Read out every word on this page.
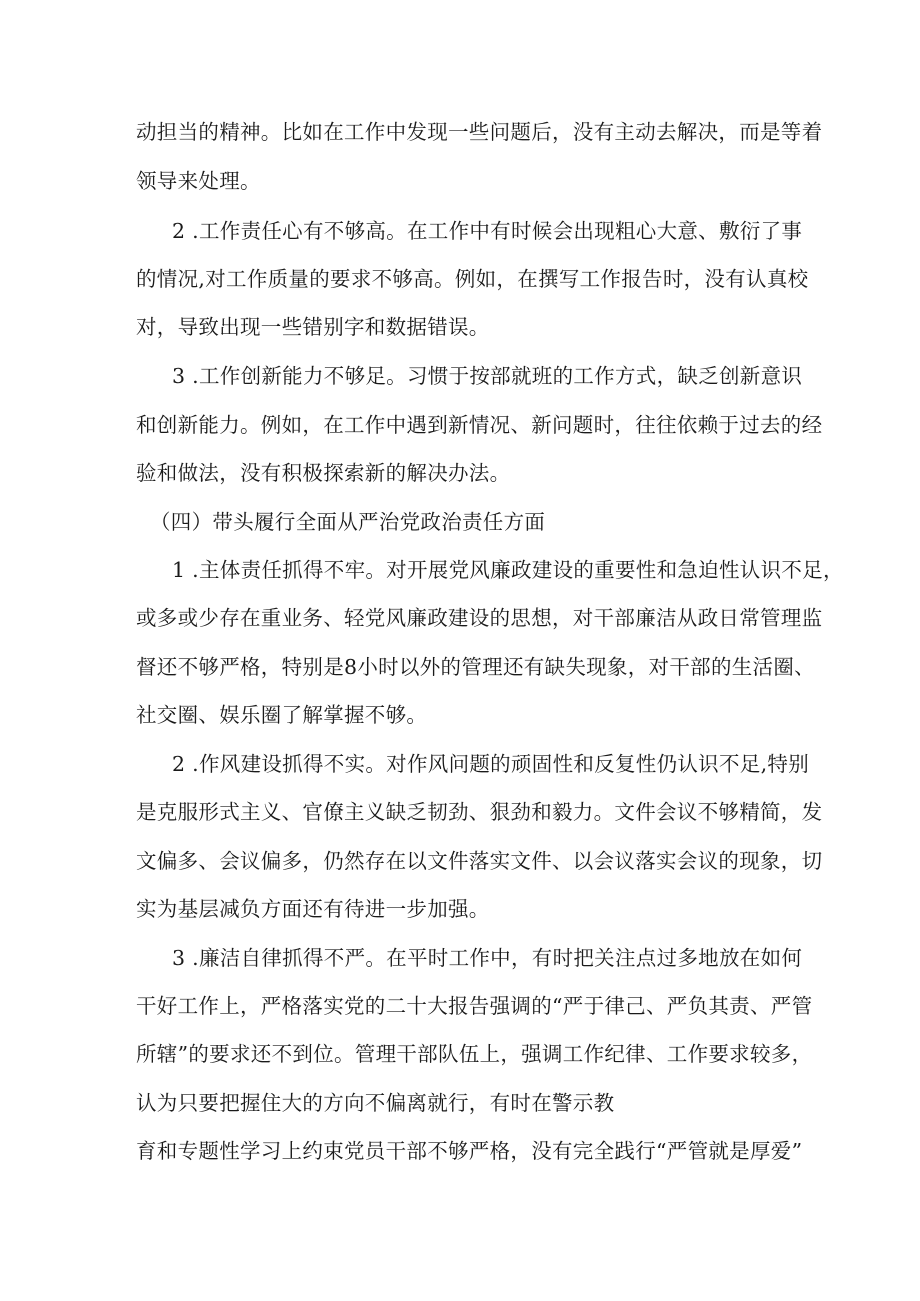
动担当的精神。比如在工作中发现一些问题后，没有主动去解决，而是等着
领导来处理。
2 .工作责任心有不够高。在工作中有时候会出现粗心大意、敷衍了事
的情况,对工作质量的要求不够高。例如，在撰写工作报告时，没有认真校
对，导致出现一些错别字和数据错误。
3 .工作创新能力不够足。习惯于按部就班的工作方式，缺乏创新意识
和创新能力。例如，在工作中遇到新情况、新问题时，往往依赖于过去的经
验和做法，没有积极探索新的解决办法。
（四）带头履行全面从严治党政治责任方面
1 .主体责任抓得不牢。对开展党风廉政建设的重要性和急迫性认识不足，
或多或少存在重业务、轻党风廉政建设的思想，对干部廉洁从政日常管理监
督还不够严格，特别是8小时以外的管理还有缺失现象，对干部的生活圈、
社交圈、娱乐圈了解掌握不够。
2 .作风建设抓得不实。对作风问题的顽固性和反复性仍认识不足,特别
是克服形式主义、官僚主义缺乏韧劲、狠劲和毅力。文件会议不够精简，发
文偏多、会议偏多，仍然存在以文件落实文件、以会议落实会议的现象，切
实为基层减负方面还有待进一步加强。
3 .廉洁自律抓得不严。在平时工作中，有时把关注点过多地放在如何
干好工作上，严格落实党的二十大报告强调的“严于律己、严负其责、严管
所辖”的要求还不到位。管理干部队伍上，强调工作纪律、工作要求较多，
认为只要把握住大的方向不偏离就行，有时在警示教
育和专题性学习上约束党员干部不够严格，没有完全践行“严管就是厚爱”
